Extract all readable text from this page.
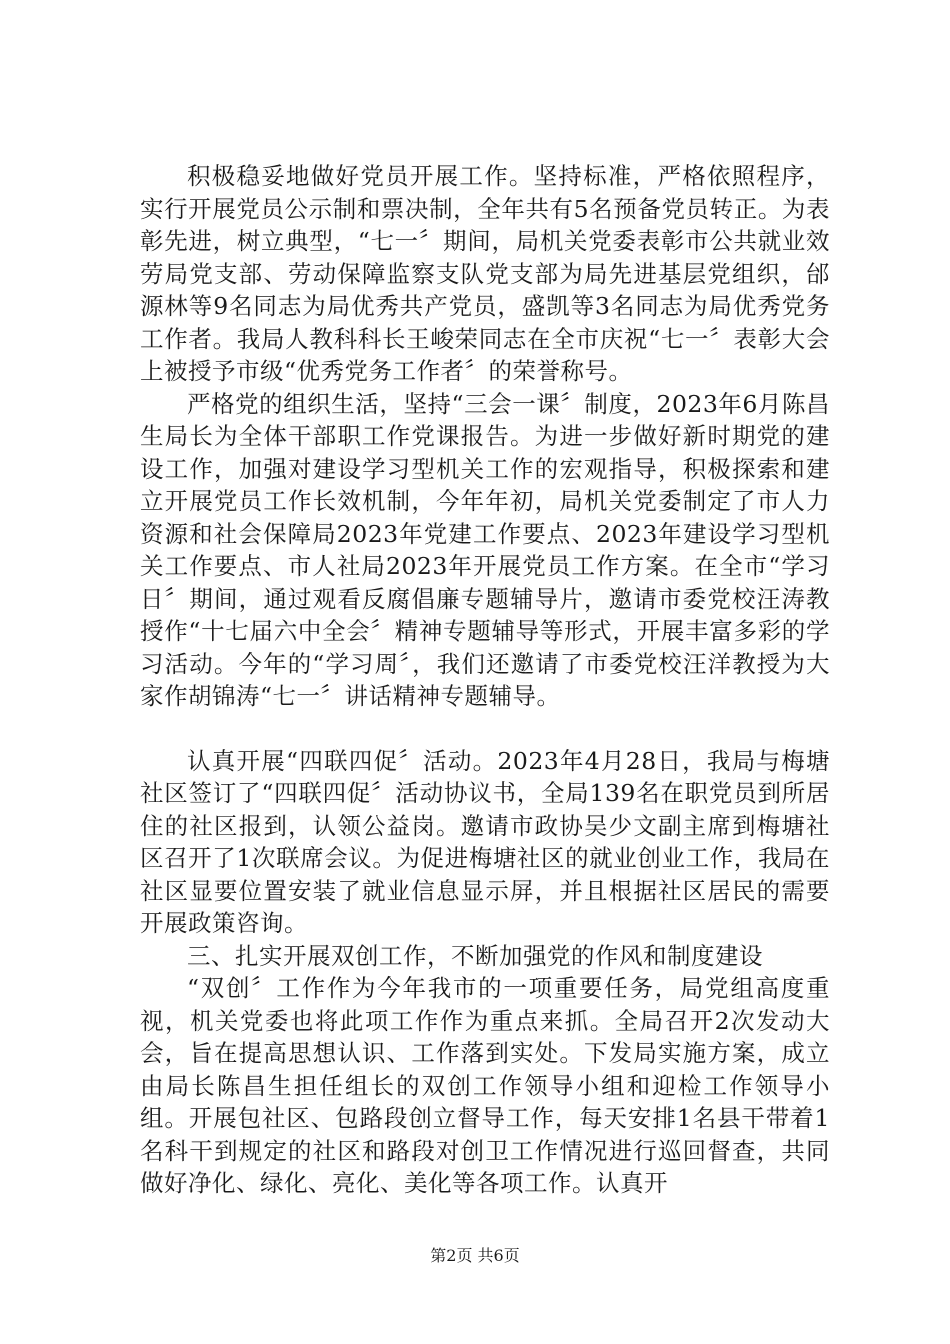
积极稳妥地做好党员开展工作。坚持标准，严格依照程序，实行开展党员公示制和票决制，全年共有5名预备党员转正。为表彰先进，树立典型，“七一〞期间，局机关党委表彰市公共就业效劳局党支部、劳动保障监察支队党支部为局先进基层党组织，邰源林等9名同志为局优秀共产党员，盛凯等3名同志为局优秀党务工作者。我局人教科科长王峻荣同志在全市庆祝“七一〞表彰大会上被授予市级“优秀党务工作者〞的荣誉称号。

严格党的组织生活，坚持“三会一课〞制度，2023年6月陈昌生局长为全体干部职工作党课报告。为进一步做好新时期党的建设工作，加强对建设学习型机关工作的宏观指导，积极探索和建立开展党员工作长效机制，今年年初，局机关党委制定了市人力资源和社会保障局2023年党建工作要点、2023年建设学习型机关工作要点、市人社局2023年开展党员工作方案。在全市“学习日〞期间，通过观看反腐倡廉专题辅导片，邀请市委党校汪涛教授作“十七届六中全会〞精神专题辅导等形式，开展丰富多彩的学习活动。今年的“学习周〞，我们还邀请了市委党校汪洋教授为大家作胡锦涛“七一〞讲话精神专题辅导。

认真开展“四联四促〞活动。2023年4月28日，我局与梅塘社区签订了“四联四促〞活动协议书，全局139名在职党员到所居住的社区报到，认领公益岗。邀请市政协吴少文副主席到梅塘社区召开了1次联席会议。为促进梅塘社区的就业创业工作，我局在社区显要位置安装了就业信息显示屏，并且根据社区居民的需要开展政策咨询。

三、扎实开展双创工作，不断加强党的作风和制度建设

“双创〞工作作为今年我市的一项重要任务，局党组高度重视，机关党委也将此项工作作为重点来抓。全局召开2次发动大会，旨在提高思想认识、工作落到实处。下发局实施方案，成立由局长陈昌生担任组长的双创工作领导小组和迎检工作领导小组。开展包社区、包路段创立督导工作，每天安排1名县干带着1名科干到规定的社区和路段对创卫工作情况进行巡回督查，共同做好净化、绿化、亮化、美化等各项工作。认真开

第2页 共6页
